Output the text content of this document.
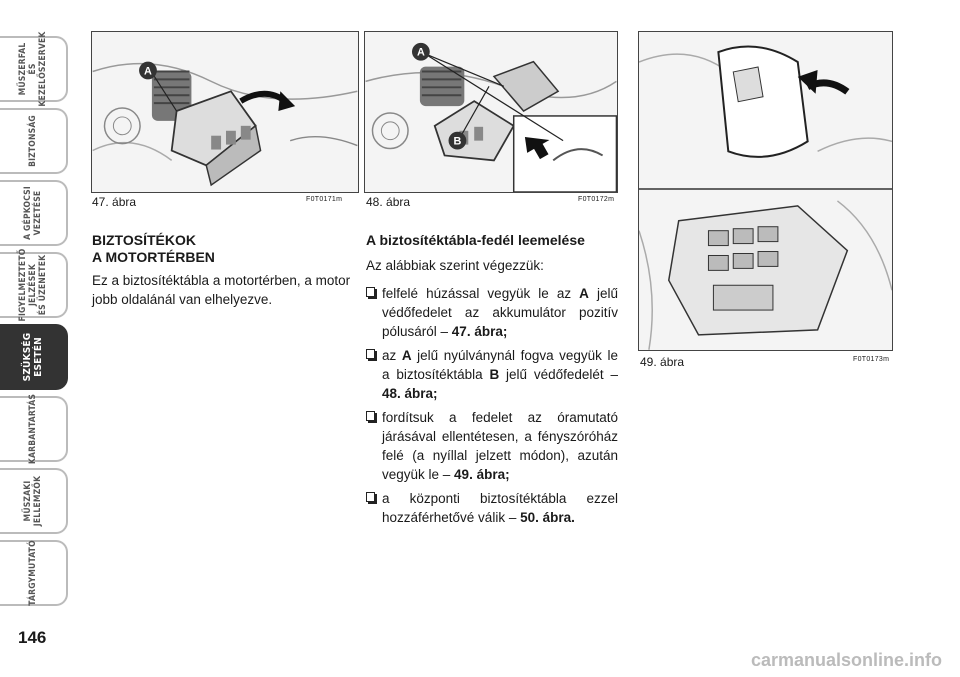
MŰSZERFAL
ÉS
KEZELŐSZERVEK
BIZTONSÁG
A GÉPKOCSI
VEZETÉSE
FIGYELMEZTETŐ
JELZÉSEK
ÉS ÜZENETEK
SZÜKSÉG
ESETÉN
KARBANTARTÁS
MŰSZAKI
JELLEMZŐK
TÁRGYMUTATÓ
146
A
47. ábra	F0T0171m
A
B
48. ábra	F0T0172m
49. ábra	F0T0173m
BIZTOSÍTÉKOK
A MOTORTÉRBEN

Ez a biztosítéktábla a motortérben, a motor jobb oldalánál van elhelyezve.

A biztosítéktábla-fedél leemelése

Az alábbiak szerint végezzük:

felfelé húzással vegyük le az A jelű védőfedelet az akkumulátor pozitív pólusáról – 47. ábra;
az A jelű nyúlványnál fogva vegyük le a biztosítéktábla B jelű védőfedelét – 48. ábra;
fordítsuk a fedelet az óramutató járásával ellentétesen, a fényszóróház felé (a nyíllal jelzett módon), azután vegyük le – 49. ábra;
a központi biztosítéktábla ezzel hozzáférhetővé válik – 50. ábra.
carmanualsonline.info
